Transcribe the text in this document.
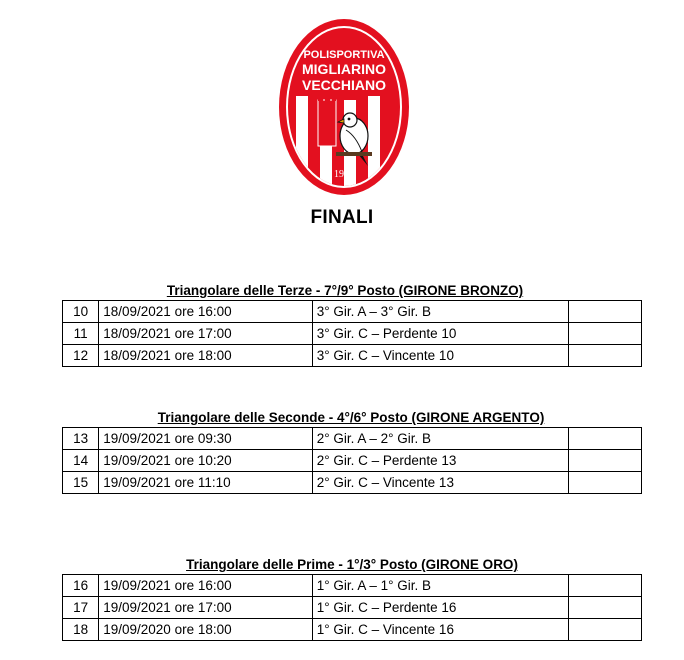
POLISPORTIVA
MIGLIARINO
VECCHIANO
1976
FINALI
Triangolare delle Terze - 7°/9° Posto (GIRONE BRONZO)
10	18/09/2021 ore 16:00	3° Gir. A – 3° Gir. B	
11	18/09/2021 ore 17:00	3° Gir. C – Perdente 10	
12	18/09/2021 ore 18:00	3° Gir. C – Vincente 10	
Triangolare delle Seconde - 4°/6° Posto (GIRONE ARGENTO)
13	19/09/2021 ore 09:30	2° Gir. A – 2° Gir. B	
14	19/09/2021 ore 10:20	2° Gir. C – Perdente 13	
15	19/09/2021 ore 11:10	2° Gir. C – Vincente 13	
Triangolare delle Prime - 1°/3° Posto (GIRONE ORO)
16	19/09/2021 ore 16:00	1° Gir. A – 1° Gir. B	
17	19/09/2021 ore 17:00	1° Gir. C – Perdente 16	
18	19/09/2020 ore 18:00	1° Gir. C – Vincente 16	
